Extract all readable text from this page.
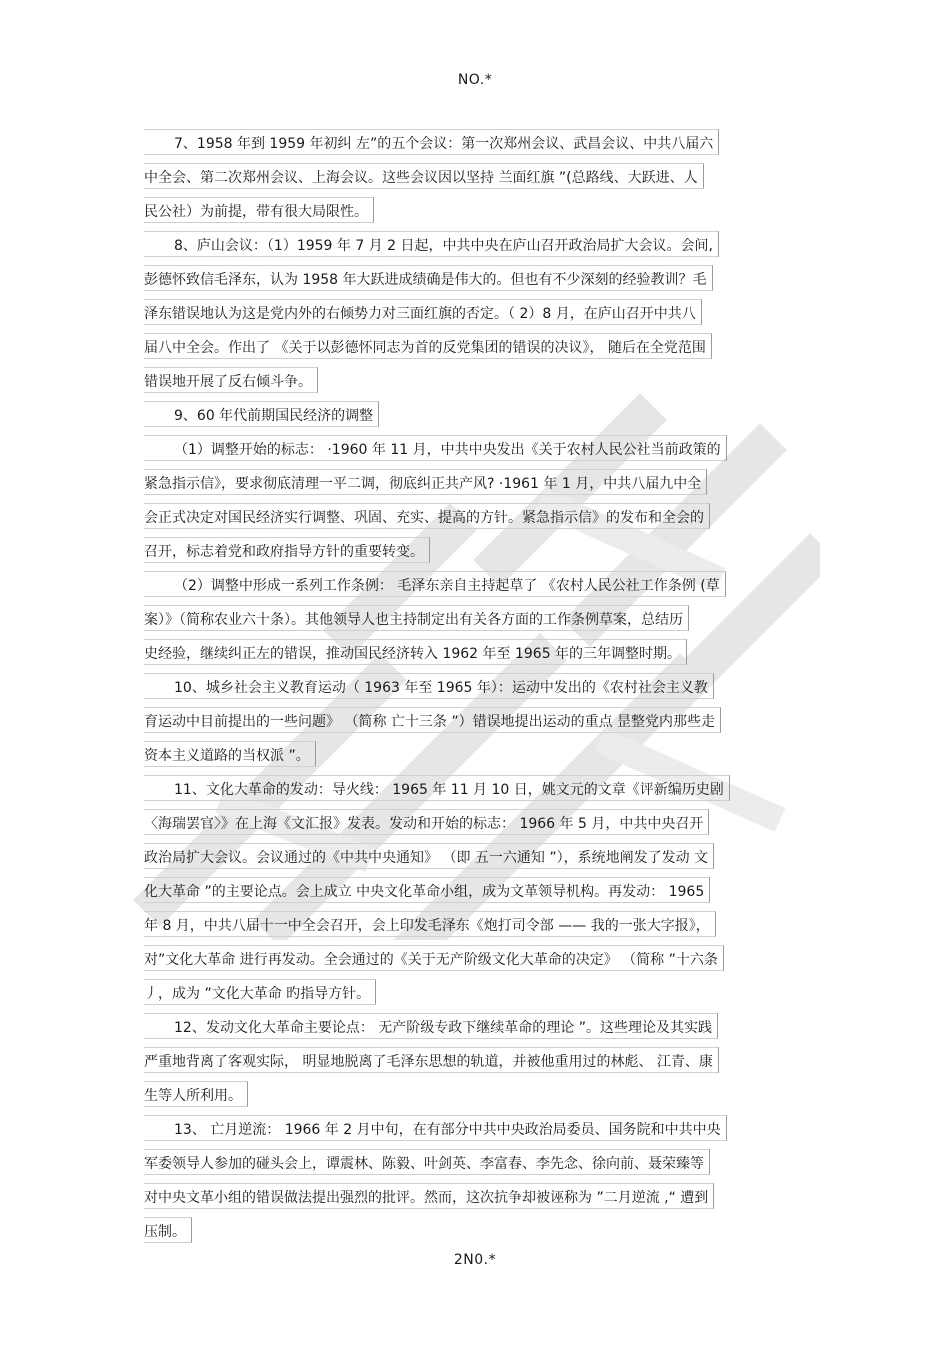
NO.*
7、1958 年到 1959 年初纠 左”的五个会议：第一次郑州会议、武昌会议、中共八届六
中全会、第二次郑州会议、上海会议。这些会议因以坚持 兰面红旗 ”(总路线、大跃进、人
民公社）为前提，带有很大局限性。
8、庐山会议：（1）1959 年 7 月 2 日起，中共中央在庐山召开政治局扩大会议。会间,
彭德怀致信毛泽东，认为 1958 年大跃进成绩确是伟大的。但也有不少深刻的经验教训？毛
泽东错误地认为这是党内外的右倾势力对三面红旗的否定。（ 2）8 月，在庐山召开中共八
届八中全会。作出了 《关于以彭德怀同志为首的反党集团的错误的决议》， 随后在全党范围
错误地开展了反右倾斗争。
9、60 年代前期国民经济的调整
（1）调整开始的标志： ·1960 年 11 月，中共中央发出《关于农村人民公社当前政策的
紧急指示信》，要求彻底清理一平二调，彻底纠正共产风? ·1961 年 1 月，中共八届九中全
会正式决定对国民经济实行调整、巩固、充实、提高的方针。紧急指示信》的发布和全会的
召开，标志着党和政府指导方针的重要转变。
（2）调整中形成一系列工作条例： 毛泽东亲自主持起草了 《农村人民公社工作条例 (草
案）》（简称农业六十条）。其他领导人也主持制定出有关各方面的工作条例草案，总结历
史经验，继续纠正左的错误，推动国民经济转入 1962 年至 1965 年的三年调整时期。
10、城乡社会主义教育运动（ 1963 年至 1965 年）：运动中发出的《农村社会主义教
育运动中目前提出的一些问题》 （简称 亡十三条 ”）错误地提出运动的重点 昰整党内那些走
资本主义道路的当权派 ”。
11、文化大革命的发动：导火线： 1965 年 11 月 10 日，姚文元的文章《评新编历史剧
〈海瑞罢官〉》在上海《文汇报》发表。发动和开始的标志： 1966 年 5 月，中共中央召开
政治局扩大会议。会议通过的《中共中央通知》 （即 五一六通知 ”），系统地阐发了发动 文
化大革命 ”的主要论点。会上成立 中央文化革命小组，成为文革领导机构。再发动： 1965
年 8 月，中共八届十一中全会召开，会上印发毛泽东《炮打司令部 —— 我的一张大字报》，
对”文化大革命 进行再发动。全会通过的《关于无产阶级文化大革命的决定》 （简称 ”十六条
丿，成为 ”文化大革命 旳指导方针。
12、发动文化大革命主要论点： 无产阶级专政下继续革命的理论 ”。这些理论及其实践
严重地背离了客观实际， 明显地脱离了毛泽东思想的轨道，并被他重用过的林彪、 江青、康
生等人所利用。
13、 亡月逆流： 1966 年 2 月中旬，在有部分中共中央政治局委员、国务院和中共中央
军委领导人参加的碰头会上，谭震林、陈毅、叶剑英、李富春、李先念、徐向前、聂荣臻等
对中央文革小组的错误做法提出强烈的批评。然而，这次抗争却被诬称为 ”二月逆流 ,“ 遭到
压制。
2N0.*
